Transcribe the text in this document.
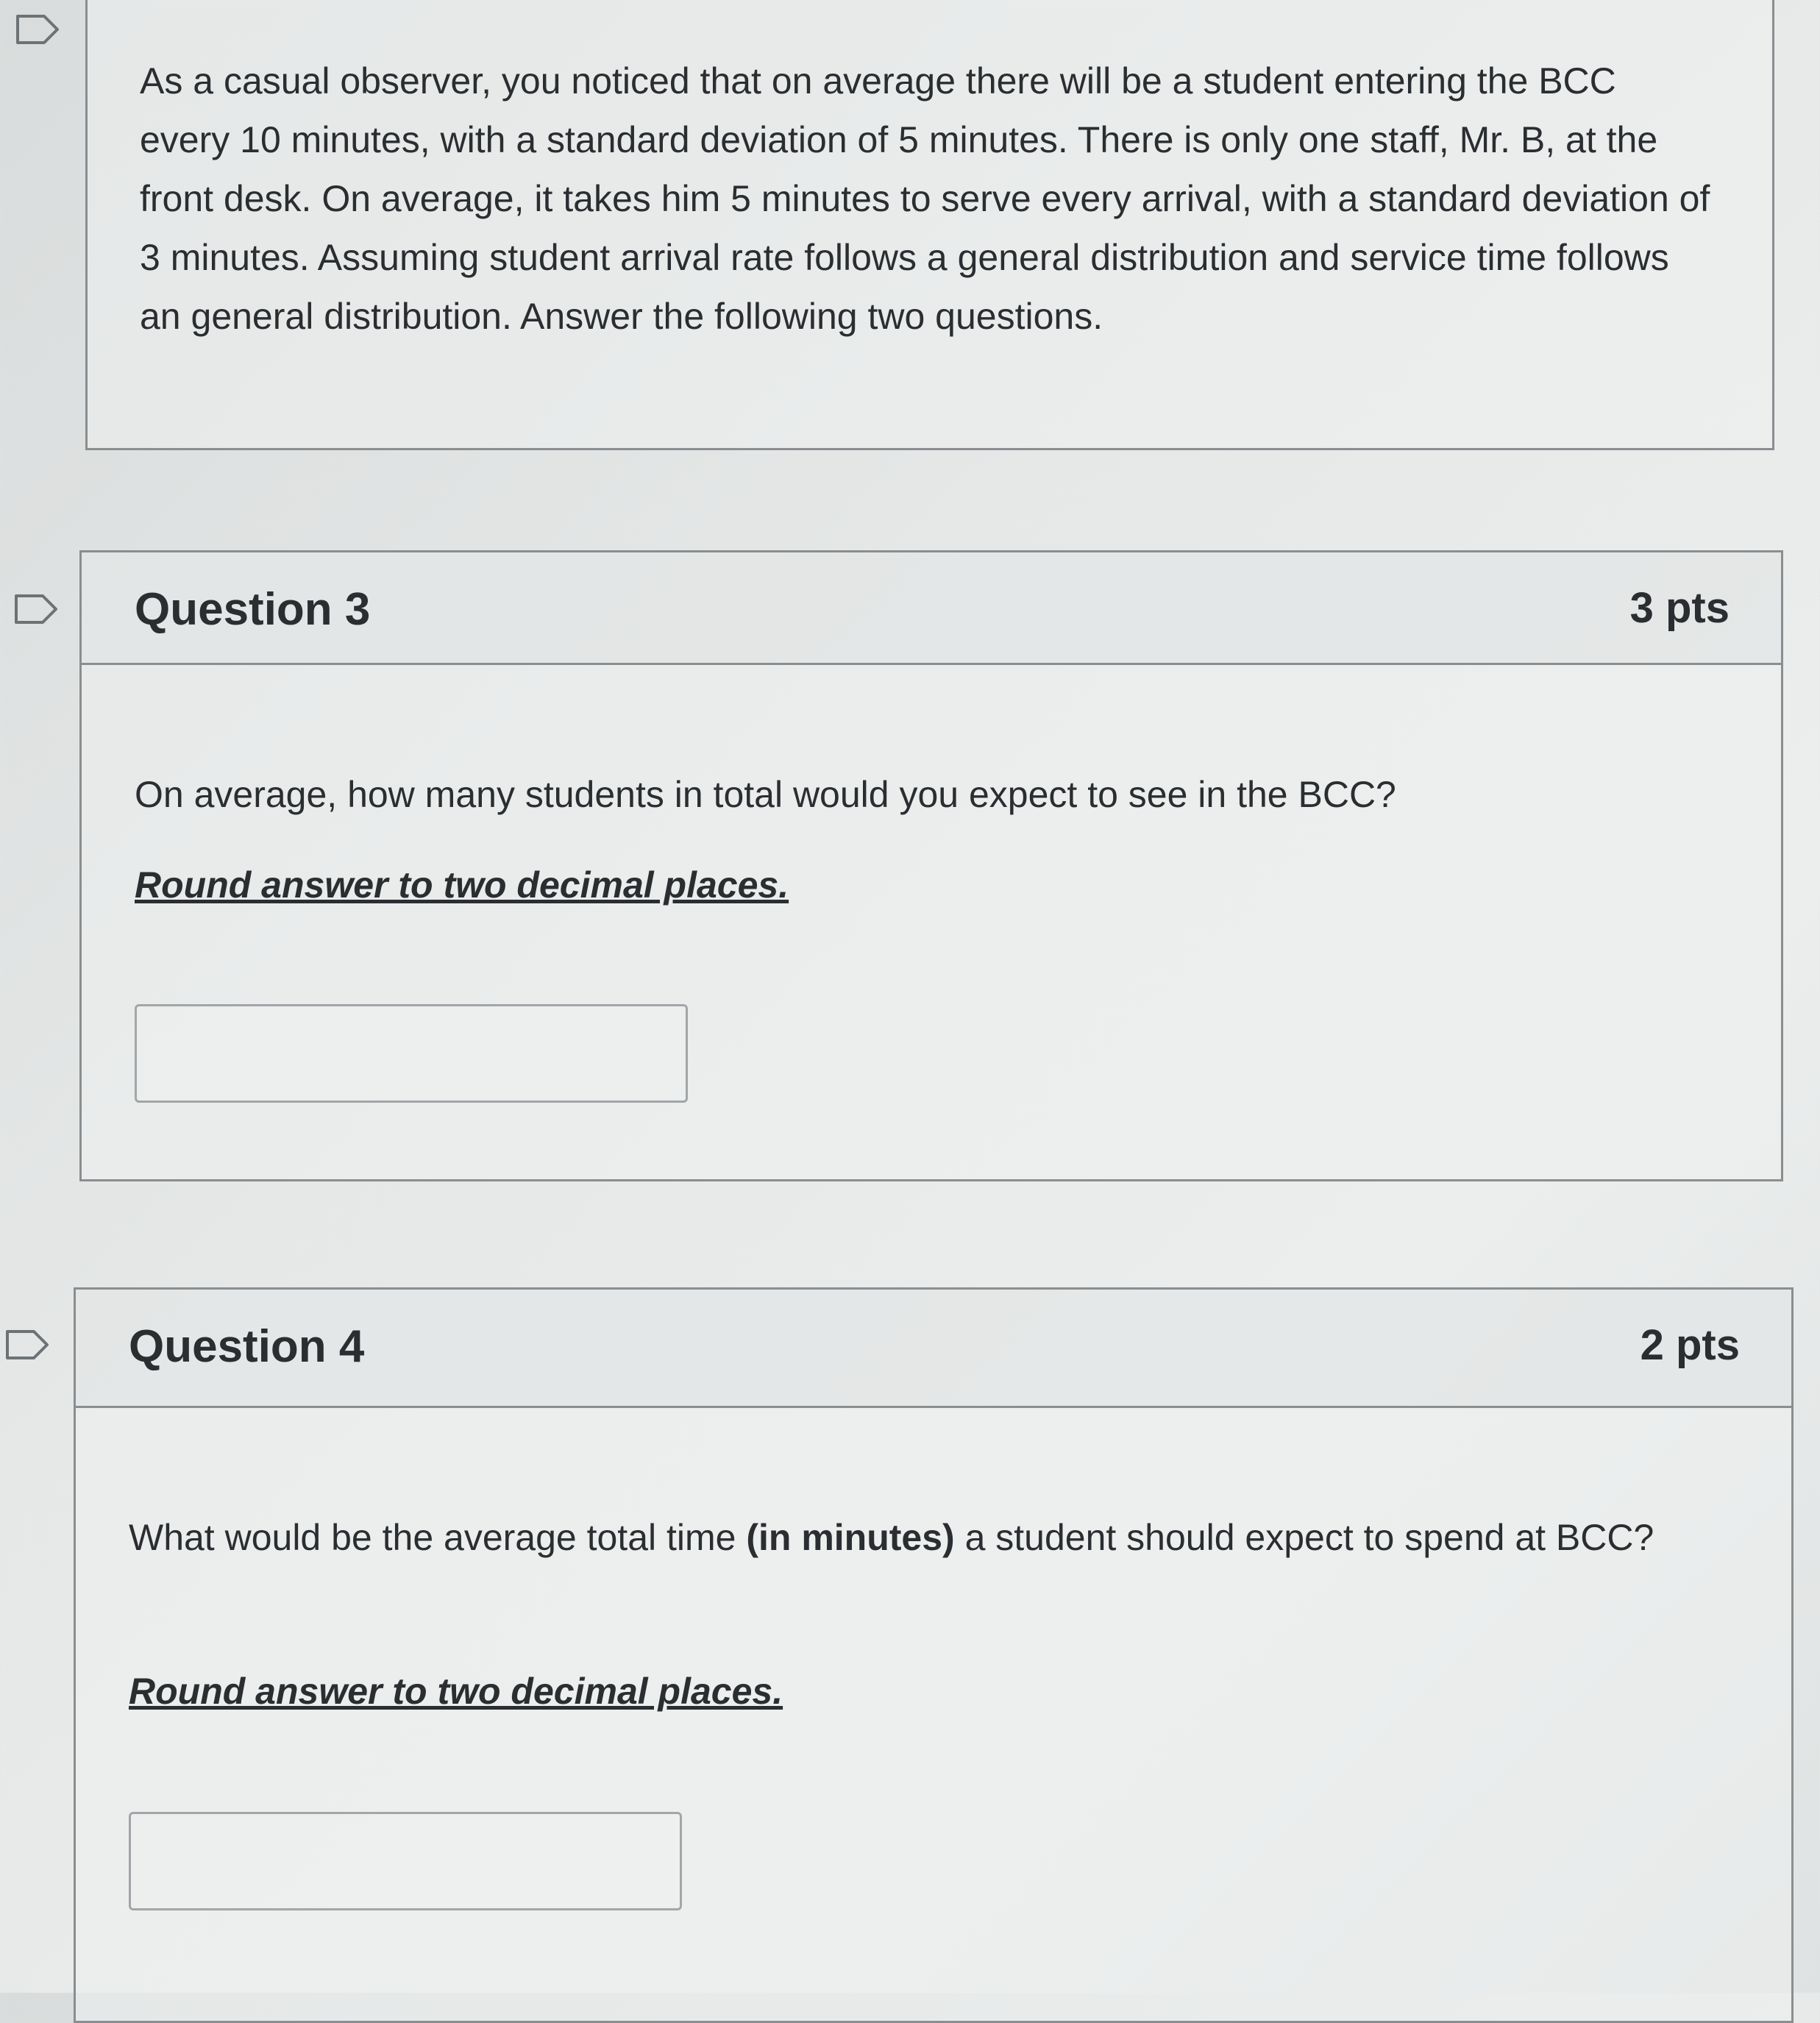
As a casual observer, you noticed that on average there will be a student entering the BCC every 10 minutes, with a standard deviation of 5 minutes. There is only one staff, Mr. B, at the front desk. On average, it takes him 5 minutes to serve every arrival, with a standard deviation of 3 minutes. Assuming student arrival rate follows a general distribution and service time follows an general distribution. Answer the following two questions.
Question 3	3 pts
On average, how many students in total would you expect to see in the BCC?
Round answer to two decimal places.
Question 4	2 pts
What would be the average total time (in minutes) a student should expect to spend at BCC?
Round answer to two decimal places.
